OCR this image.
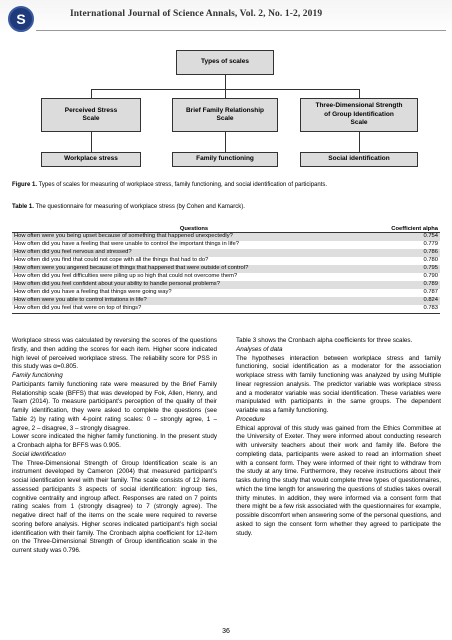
S	International Journal of Science Annals, Vol. 2, No. 1-2, 2019
Types of scales
Perceived Stress Scale
Brief Family Relationship Scale
Three-Dimensional Strength of Group Identification Scale
Workplace stress	Family functioning	Social identification
Figure 1. Types of scales for measuring of workplace stress, family functioning, and social identification of participants.
Table 1. The questionnaire for measuring of workplace stress (by Cohen and Kamarck).
Questions	Coefficient alpha
How often were you being upset because of something that happened unexpectedly?	0.754
How often did you have a feeling that were unable to control the important things in life?	0.779
How often did you feel nervous and stressed?	0.786
How often did you find that could not cope with all the things that had to do?	0.780
How often were you angered because of things that happened that were outside of control?	0.795
How often did you feel difficulties were piling up so high that could not overcome them?	0.790
How often did you feel confident about your ability to handle personal problems?	0.789
How often did you have a feeling that things were going way?	0.787
How often were you able to control irritations in life?	0.824
How often did you feel that were on top of things?	0.783

Workplace stress was calculated by reversing the scores of the questions firstly, and then adding the scores for each item. Higher score indicated high level of perceived workplace stress. The reliability score for PSS in this study was α=0.805.

Family functioning

Participants family functioning rate were measured by the Brief Family Relationship scale (BFFS) that was developed by Fok, Allen, Henry, and Team (2014). To measure participant’s perception of the quality of their family identification, they were asked to complete the questions (see Table 2) by rating with 4-point rating scales: 0 – strongly agree, 1 – agree, 2 – disagree, 3 – strongly disagree.

Lower score indicated the higher family functioning. In the present study a Cronbach alpha for BFFS was 0.905.

Social identification

The Three-Dimensional Strength of Group Identification scale is an instrument developed by Cameron (2004) that measured participant’s social identification level with their family. The scale consists of 12 items assessed participants 3 aspects of social identification: ingroup ties, cognitive centrality and ingroup affect. Responses are rated on 7 points rating scales from 1 (strongly disagree) to 7 (strongly agree). The negative direct half of the items on the scale were required to reverse scoring before analysis. Higher scores indicated participant’s high social identification with their family. The Cronbach alpha coefficient for 12-item on the Three-Dimensional Strength of Group identification scale in the current study was 0.796.

Table 3 shows the Cronbach alpha coefficients for three scales.

Analyses of data

The hypotheses interaction between workplace stress and family functioning, social identification as a moderator for the association workplace stress with family functioning was analyzed by using Multiple linear regression analysis. The predictor variable was workplace stress and a moderator variable was social identification. These variables were manipulated with participants in the same groups. The dependent variable was a family functioning.

Procedure

Ethical approval of this study was gained from the Ethics Committee at the University of Exeter. They were informed about conducting research with university teachers about their work and family life. Before the completing data, participants were asked to read an information sheet with a consent form. They were informed of their right to withdraw from the study at any time. Furthermore, they receive instructions about their tasks during the study that would complete three types of questionnaires, which the time length for answering the questions of studies takes overall thirty minutes. In addition, they were informed via a consent form that there might be a few risk associated with the questionnaires for example, possible discomfort when answering some of the personal questions, and asked to sign the consent form whether they agreed to participate the study.

36
